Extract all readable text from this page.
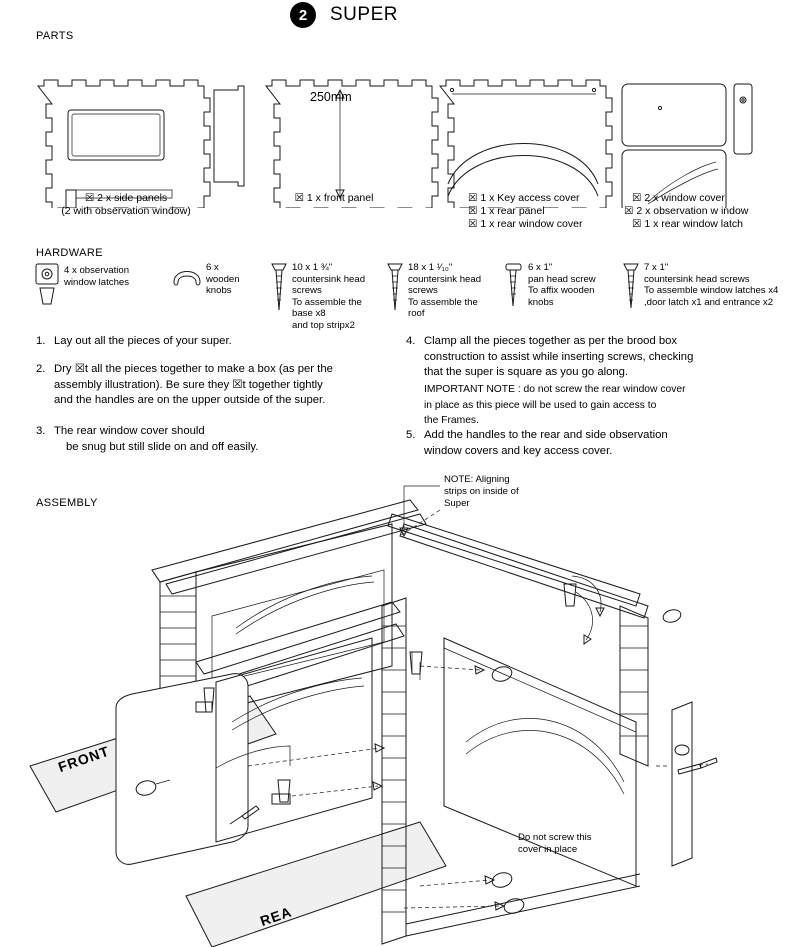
2	SUPER
PARTS
HARDWARE
ASSEMBLY
☒ 2 x side panels
(2 with observation window)
☒ 1 x front panel	☒ 1 x Key access cover
☒ 1 x rear panel
☒ 1 x rear window cover
☒ 2 x window cover
☒ 2 x observation w indow
☒ 1 x rear window latch
250mm
4 x observation
window latches
6 x
wooden
knobs
10 x 1 ¾"
countersink head
screws
To assemble the
base x8
and top stripx2
18 x 1 ¹⁄₁₀"
countersink head
screws
To assemble the
roof
6 x 1"
pan head screw
To affix wooden
knobs
7 x 1"
countersink head screws
To assemble window latches x4
,door latch x1 and entrance x2
1. Lay out all the pieces of your super.
2. Dry ☒t all the pieces together to make a box (as per the
assembly illustration). Be sure they ☒t together tightly
and the handles are on the upper outside of the super.
3. The rear window cover should
be snug but still slide on and off easily.
4. Clamp all the pieces together as per the brood box
construction to assist while inserting screws, checking
that the super is square as you go along.
IMPORTANT NOTE : do not screw the rear window cover
in place as this piece will be used to gain access to
the Frames.
5. Add the handles to the rear and side observation
window covers and key access cover.
NOTE: Aligning
strips on inside of
Super
Do not screw this
cover in place
FRONT
REA
